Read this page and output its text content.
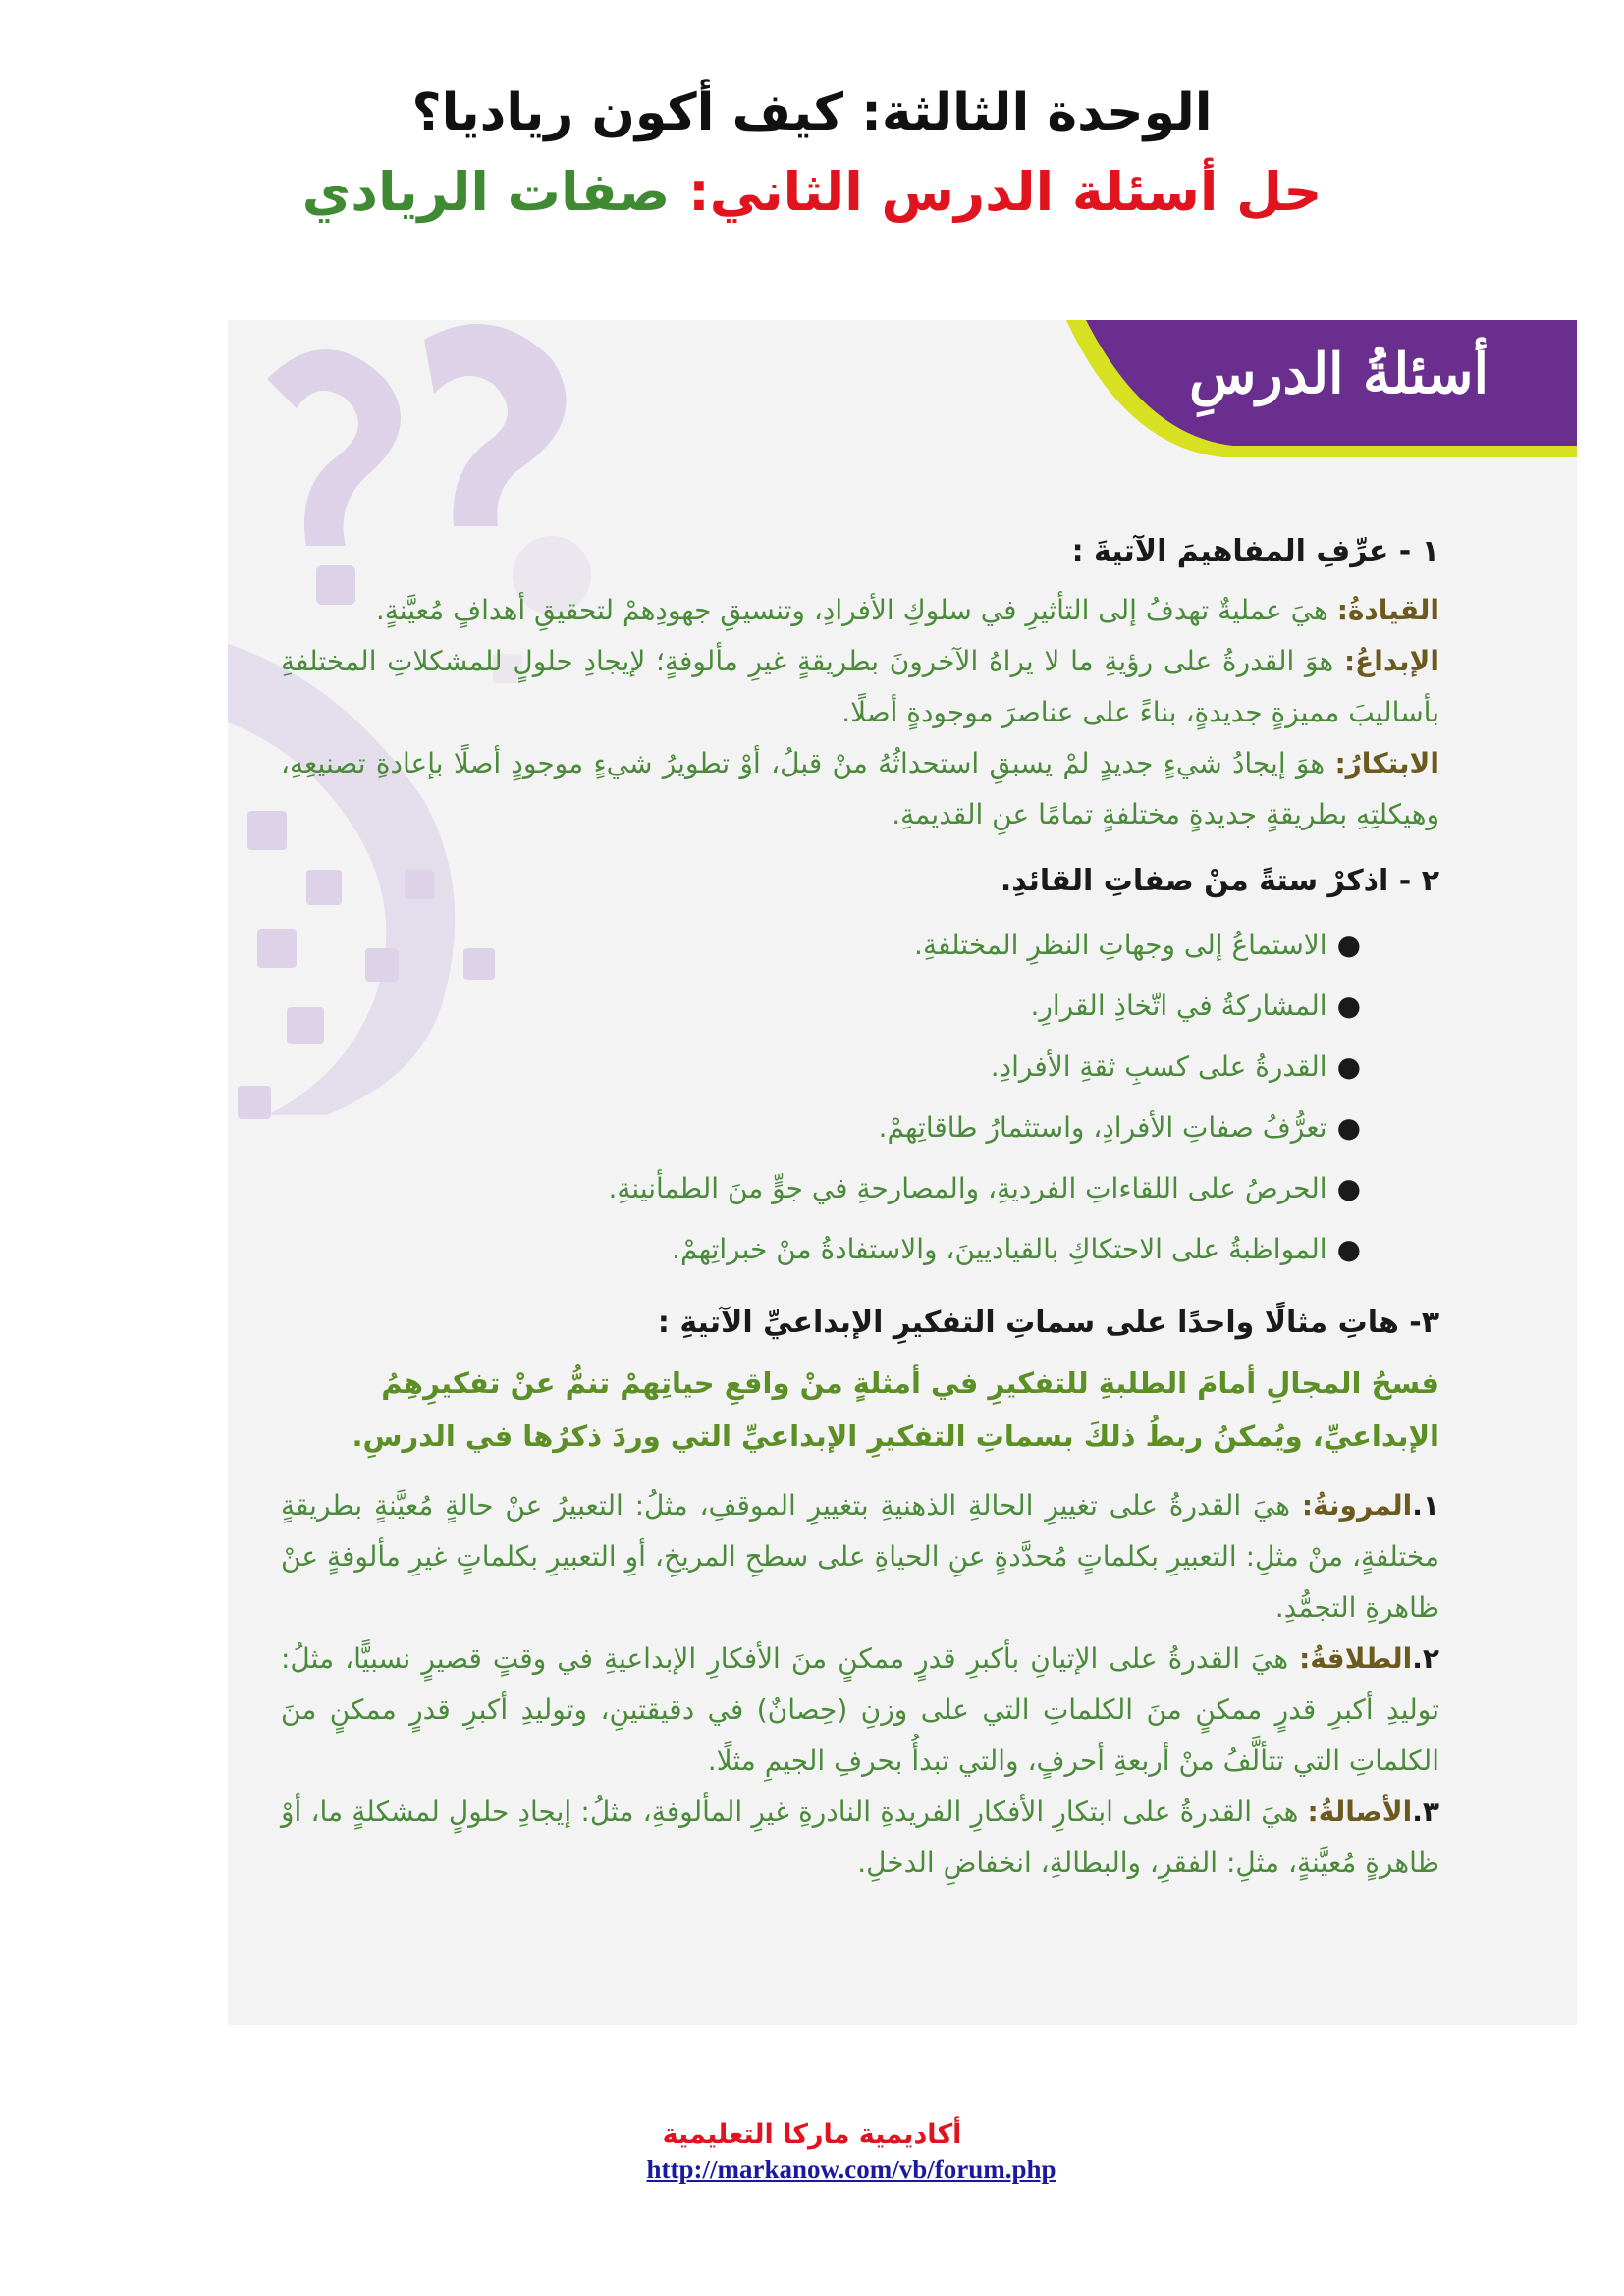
الوحدة الثالثة: كيف أكون رياديا؟
حل أسئلة الدرس الثاني: صفات الريادي
أسئلةُ الدرسِ
١ - عرِّفِ المفاهيمَ الآتيةَ :

القيادةُ: هيَ عمليةٌ تهدفُ إلى التأثيرِ في سلوكِ الأفرادِ، وتنسيقِ جهودِهمْ لتحقيقِ أهدافٍ مُعيَّنةٍ.

الإبداعُ: هوَ القدرةُ على رؤيةِ ما لا يراهُ الآخرونَ بطريقةٍ غيرِ مألوفةٍ؛ لإيجادِ حلولٍ للمشكلاتِ المختلفةِ بأساليبَ مميزةٍ جديدةٍ، بناءً على عناصرَ موجودةٍ أصلًا.

الابتكارُ: هوَ إيجادُ شيءٍ جديدٍ لمْ يسبقِ استحداثُهُ منْ قبلُ، أوْ تطويرُ شيءٍ موجودٍ أصلًا بإعادةِ تصنيعِهِ، وهيكلتِهِ بطريقةٍ جديدةٍ مختلفةٍ تمامًا عنِ القديمةِ.

٢ - اذكرْ ستةً منْ صفاتِ القائدِ.
●الاستماعُ إلى وجهاتِ النظرِ المختلفةِ.
●المشاركةُ في اتّخاذِ القرارِ.
●القدرةُ على كسبِ ثقةِ الأفرادِ.
●تعرُّفُ صفاتِ الأفرادِ، واستثمارُ طاقاتِهمْ.
●الحرصُ على اللقاءاتِ الفرديةِ، والمصارحةِ في جوٍّ منَ الطمأنينةِ.
●المواظبةُ على الاحتكاكِ بالقياديينَ، والاستفادةُ منْ خبراتِهمْ.
٣- هاتِ مثالًا واحدًا على سماتِ التفكيرِ الإبداعيِّ الآتيةِ :

فسحُ المجالِ أمامَ الطلبةِ للتفكيرِ في أمثلةٍ منْ واقعِ حياتِهمْ تنمُّ عنْ تفكيرِهِمُ الإبداعيِّ، ويُمكنُ ربطُ ذلكَ بسماتِ التفكيرِ الإبداعيِّ التي وردَ ذكرُها في الدرسِ.

١.المرونةُ: هيَ القدرةُ على تغييرِ الحالةِ الذهنيةِ بتغييرِ الموقفِ، مثلُ: التعبيرُ عنْ حالةٍ مُعيَّنةٍ بطريقةٍ مختلفةٍ، منْ مثلِ: التعبيرِ بكلماتٍ مُحدَّدةٍ عنِ الحياةِ على سطحِ المريخِ، أوِ التعبيرِ بكلماتٍ غيرِ مألوفةٍ عنْ ظاهرةِ التجمُّدِ.

٢.الطلاقةُ: هيَ القدرةُ على الإتيانِ بأكبرِ قدرٍ ممكنٍ منَ الأفكارِ الإبداعيةِ في وقتٍ قصيرٍ نسبيًّا، مثلُ: توليدِ أكبرِ قدرٍ ممكنٍ منَ الكلماتِ التي على وزنِ (حِصانٌ) في دقيقتينِ، وتوليدِ أكبرِ قدرٍ ممكنٍ منَ الكلماتِ التي تتألَّفُ منْ أربعةِ أحرفٍ، والتي تبدأُ بحرفِ الجيمِ مثلًا.

٣.الأصالةُ: هيَ القدرةُ على ابتكارِ الأفكارِ الفريدةِ النادرةِ غيرِ المألوفةِ، مثلُ: إيجادِ حلولٍ لمشكلةٍ ما، أوْ ظاهرةٍ مُعيَّنةٍ، مثلِ: الفقرِ، والبطالةِ، انخفاضِ الدخلِ.

أكاديمية ماركا التعليمية
http://markanow.com/vb/forum.php
